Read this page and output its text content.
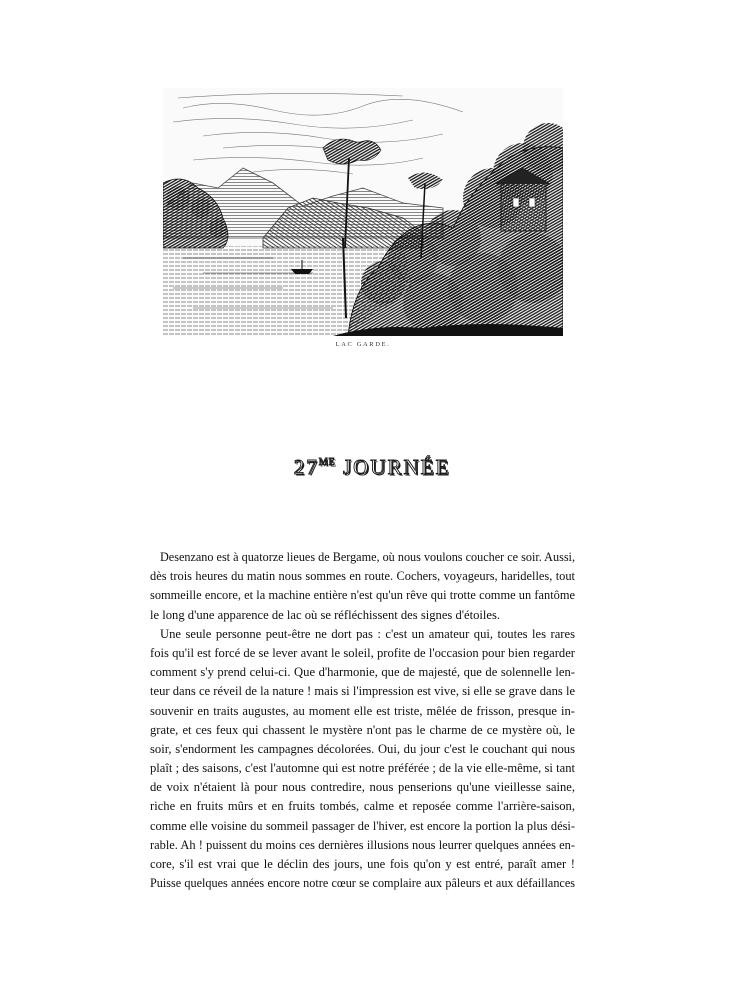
LAC GARDE.
$27^{ME}$ JOURNÉE
Desenzano est à quatorze lieues de Bergame, où nous voulons coucher ce soir. Aussi,
dès trois heures du matin nous sommes en route. Cochers, voyageurs, haridelles, tout
sommeille encore, et la machine entière n'est qu'un rêve qui trotte comme un fantôme
le long d'une apparence de lac où se réfléchissent des signes d'étoiles.
Une seule personne peut-être ne dort pas : c'est un amateur qui, toutes les rares
fois qu'il est forcé de se lever avant le soleil, profite de l'occasion pour bien regarder
comment s'y prend celui-ci. Que d'harmonie, que de majesté, que de solennelle len-
teur dans ce réveil de la nature ! mais si l'impression est vive, si elle se grave dans le
souvenir en traits augustes, au moment elle est triste, mêlée de frisson, presque in-
grate, et ces feux qui chassent le mystère n'ont pas le charme de ce mystère où, le
soir, s'endorment les campagnes décolorées. Oui, du jour c'est le couchant qui nous
plaît ; des saisons, c'est l'automne qui est notre préférée ; de la vie elle-même, si tant
de voix n'étaient là pour nous contredire, nous penserions qu'une vieillesse saine,
riche en fruits mûrs et en fruits tombés, calme et reposée comme l'arrière-saison,
comme elle voisine du sommeil passager de l'hiver, est encore la portion la plus dési-
rable. Ah ! puissent du moins ces dernières illusions nous leurrer quelques années en-
core, s'il est vrai que le déclin des jours, une fois qu'on y est entré, paraît amer !
Puisse quelques années encore notre cœur se complaire aux pâleurs et aux défaillances
